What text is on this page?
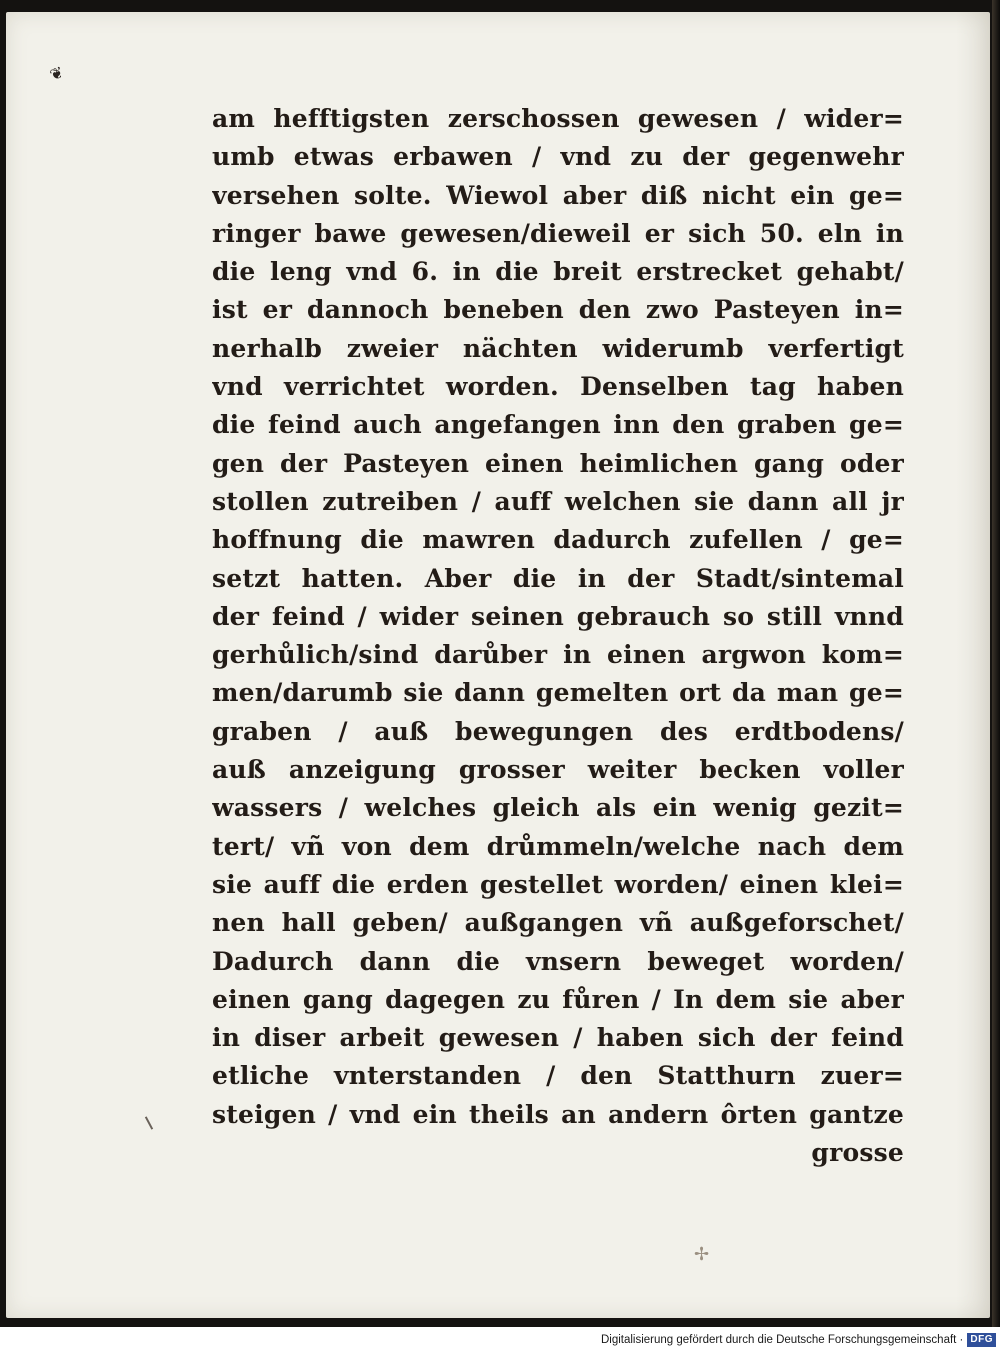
❦
am hefftigsten zerschossen gewesen / wider=
umb etwas erbawen / vnd zu der gegenwehr
versehen solte. Wiewol aber diß nicht ein ge=
ringer bawe gewesen/dieweil er sich 50. eln in
die leng vnd 6. in die breit erstrecket gehabt/
ist er dannoch beneben den zwo Pasteyen in=
nerhalb zweier nächten widerumb verfertigt
vnd verrichtet worden. Denselben tag haben
die feind auch angefangen inn den graben ge=
gen der Pasteyen einen heimlichen gang oder
stollen zutreiben / auff welchen sie dann all jr
hoffnung die mawren dadurch zufellen / ge=
setzt hatten. Aber die in der Stadt/sintemal
der feind / wider seinen gebrauch so still vnnd
gerhůlich/sind darůber in einen argwon kom=
men/darumb sie dann gemelten ort da man ge=
graben / auß bewegungen des erdtbodens/
auß anzeigung grosser weiter becken voller
wassers / welches gleich als ein wenig gezit=
tert/ vñ von dem drůmmeln/welche nach dem
sie auff die erden gestellet worden/ einen klei=
nen hall geben/ außgangen vñ außgeforschet/
Dadurch dann die vnsern beweget worden/
einen gang dagegen zu fůren / In dem sie aber
in diser arbeit gewesen / haben sich der feind
etliche vnterstanden / den Statthurn zuer=
steigen / vnd ein theils an andern ôrten gantze
grosse
✢
Digitalisierung gefördert durch die Deutsche Forschungsgemeinschaft · DFG
